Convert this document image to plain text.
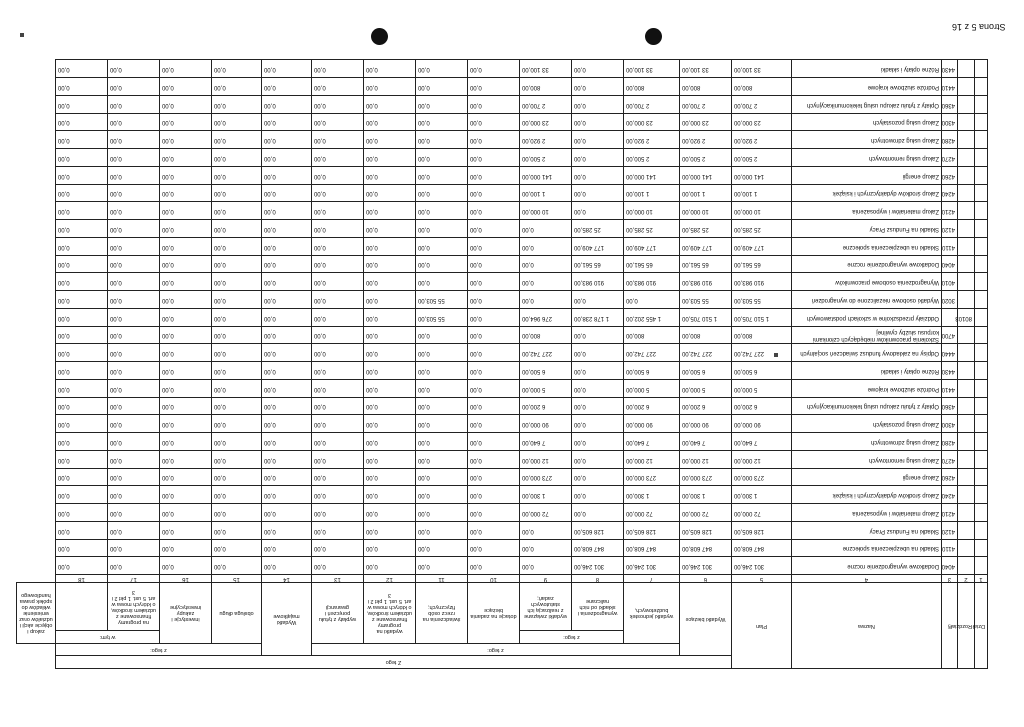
Strona 5 z 16
Dział	Rozdział	§	Nazwa	Plan	Z tego													
					Wydatki bieżące	z tego:							Wydatki majątkowe	z tego:				
						wydatki jednostek budżetowych,	z tego:		dotacje na zadania bieżące	świadczenia na rzecz osób fizycznych;	wydatki na programy finansowane z udziałem środków, o których mowa w art. 5 ust. 1 pkt 2 i 3	wypłaty z tytułu poręczeń i gwarancji		obsługa długu	inwestycje i zakupy inwestycyjne	w tym:		zakup i objęcie akcji i udziałów oraz wniesienie wkładów do spółek prawa handlowego
							wynagrodzenia i składki od nich naliczane	wydatki związane z realizacją ich statutowych zadań;								na programy finansowane z udziałem środków, o których mowa w art. 5 ust. 1 pkt 2 i 3		
1	2	3	4	5	6	7	8	9	10	11	12	13	14	15	16	17	18	
		4040	Dodatkowe wynagrodzenie roczne	301 246,00	301 246,00	301 246,00	301 246,00	0,00	0,00	0,00	0,00	0,00	0,00	0,00	0,00	0,00	0,00	
		4110	Składki na ubezpieczenia społeczne	847 608,00	847 608,00	847 608,00	847 608,00	0,00	0,00	0,00	0,00	0,00	0,00	0,00	0,00	0,00	0,00	
		4120	Składki na Fundusz Pracy	128 605,00	128 605,00	128 605,00	128 605,00	0,00	0,00	0,00	0,00	0,00	0,00	0,00	0,00	0,00	0,00	
		4210	Zakup materiałów i wyposażenia	72 000,00	72 000,00	72 000,00	0,00	72 000,00	0,00	0,00	0,00	0,00	0,00	0,00	0,00	0,00	0,00	
		4240	Zakup środków dydaktycznych i książek	1 300,00	1 300,00	1 300,00	0,00	1 300,00	0,00	0,00	0,00	0,00	0,00	0,00	0,00	0,00	0,00	
		4260	Zakup energii	273 000,00	273 000,00	273 000,00	0,00	273 000,00	0,00	0,00	0,00	0,00	0,00	0,00	0,00	0,00	0,00	
		4270	Zakup usług remontowych	12 000,00	12 000,00	12 000,00	0,00	12 000,00	0,00	0,00	0,00	0,00	0,00	0,00	0,00	0,00	0,00	
		4280	Zakup usług zdrowotnych	7 640,00	7 640,00	7 640,00	0,00	7 640,00	0,00	0,00	0,00	0,00	0,00	0,00	0,00	0,00	0,00	
		4300	Zakup usług pozostałych	90 000,00	90 000,00	90 000,00	0,00	90 000,00	0,00	0,00	0,00	0,00	0,00	0,00	0,00	0,00	0,00	
		4360	Opłaty z tytułu zakupu usług telekomunikacyjnych	6 200,00	6 200,00	6 200,00	0,00	6 200,00	0,00	0,00	0,00	0,00	0,00	0,00	0,00	0,00	0,00	
		4410	Podróże służbowe krajowe	5 000,00	5 000,00	5 000,00	0,00	5 000,00	0,00	0,00	0,00	0,00	0,00	0,00	0,00	0,00	0,00	
		4430	Różne opłaty i składki	6 500,00	6 500,00	6 500,00	0,00	6 500,00	0,00	0,00	0,00	0,00	0,00	0,00	0,00	0,00	0,00	
		4440	Odpisy na zakładowy fundusz świadczeń socjalnych	227 742,00	227 742,00	227 742,00	0,00	227 742,00	0,00	0,00	0,00	0,00	0,00	0,00	0,00	0,00	0,00	
		4700	Szkolenia pracowników niebędących członkami korpusu służby cywilnej	800,00	800,00	800,00	0,00	800,00	0,00	0,00	0,00	0,00	0,00	0,00	0,00	0,00	0,00	
	80103		Oddziały przedszkolne w szkołach podstawowych	1 510 705,00	1 510 705,00	1 455 202,00	1 178 238,00	276 964,00	0,00	55 503,00	0,00	0,00	0,00	0,00	0,00	0,00	0,00	
		3020	Wydatki osobowe niezaliczone do wynagrodzeń	55 503,00	55 503,00	0,00	0,00	0,00	0,00	55 503,00	0,00	0,00	0,00	0,00	0,00	0,00	0,00	
		4010	Wynagrodzenia osobowe pracowników	910 983,00	910 983,00	910 983,00	910 983,00	0,00	0,00	0,00	0,00	0,00	0,00	0,00	0,00	0,00	0,00	
		4040	Dodatkowe wynagrodzenie roczne	65 561,00	65 561,00	65 561,00	65 561,00	0,00	0,00	0,00	0,00	0,00	0,00	0,00	0,00	0,00	0,00	
		4110	Składki na ubezpieczenia społeczne	177 409,00	177 409,00	177 409,00	177 409,00	0,00	0,00	0,00	0,00	0,00	0,00	0,00	0,00	0,00	0,00	
		4120	Składki na Fundusz Pracy	25 285,00	25 285,00	25 285,00	25 285,00	0,00	0,00	0,00	0,00	0,00	0,00	0,00	0,00	0,00	0,00	
		4210	Zakup materiałów i wyposażenia	10 000,00	10 000,00	10 000,00	0,00	10 000,00	0,00	0,00	0,00	0,00	0,00	0,00	0,00	0,00	0,00	
		4240	Zakup środków dydaktycznych i książek	1 100,00	1 100,00	1 100,00	0,00	1 100,00	0,00	0,00	0,00	0,00	0,00	0,00	0,00	0,00	0,00	
		4260	Zakup energii	141 000,00	141 000,00	141 000,00	0,00	141 000,00	0,00	0,00	0,00	0,00	0,00	0,00	0,00	0,00	0,00	
		4270	Zakup usług remontowych	2 500,00	2 500,00	2 500,00	0,00	2 500,00	0,00	0,00	0,00	0,00	0,00	0,00	0,00	0,00	0,00	
		4280	Zakup usług zdrowotnych	2 920,00	2 920,00	2 920,00	0,00	2 920,00	0,00	0,00	0,00	0,00	0,00	0,00	0,00	0,00	0,00	
		4300	Zakup usług pozostałych	23 000,00	23 000,00	23 000,00	0,00	23 000,00	0,00	0,00	0,00	0,00	0,00	0,00	0,00	0,00	0,00	
		4360	Opłaty z tytułu zakupu usług telekomunikacyjnych	2 700,00	2 700,00	2 700,00	0,00	2 700,00	0,00	0,00	0,00	0,00	0,00	0,00	0,00	0,00	0,00	
		4410	Podróże służbowe krajowe	800,00	800,00	800,00	0,00	800,00	0,00	0,00	0,00	0,00	0,00	0,00	0,00	0,00	0,00	
		4430	Różne opłaty i składki	33 100,00	33 100,00	33 100,00	0,00	33 100,00	0,00	0,00	0,00	0,00	0,00	0,00	0,00	0,00	0,00	
